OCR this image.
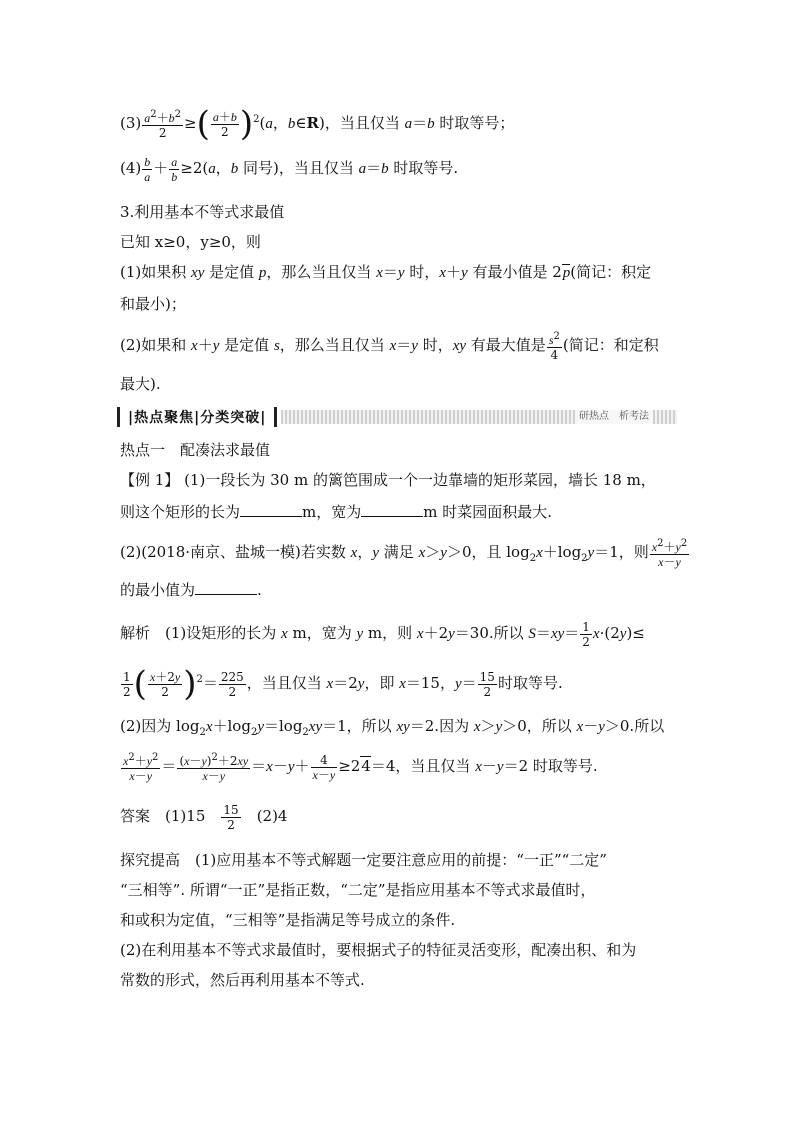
$(3) \frac{a^2+b^2}{2}$ ≥( $\frac{a+b}{2} )^2(a$，b∈R)，当且仅当 a＝b 时取等号；
$(4) \frac{b}{a} + \frac{a}{b} \ge 2(a$，b 同号)，当且仅当 a＝b 时取等号.
3.利用基本不等式求最值
已知 x≥0，y≥0，则
(1)如果积 xy 是定值 p，那么当且仅当 x＝y 时，x＋y 有最小值是 2p(简记：积定
和最小)；
(2)如果和 x＋y 是定值 s，那么当且仅当 x＝y 时，xy 有最大值是 $\frac{s^2}{4}$ (简记：和定积
最大).
|热点聚焦|分类突破|	研热点　析考法
热点一　配凑法求最值
【例 1】 (1)一段长为 30 m 的篱笆围成一个一边靠墙的矩形菜园，墙长 18 m，
则这个矩形的长为	m，宽为	m 时菜园面积最大.
(2)(2018·南京、盐城一模)若实数 x，y 满足 x＞y＞0，且 $\log_2x+\log_2y=1$，则 $\frac{x^2+y^2}{x-y}$
的最小值为	.
解析　(1)设矩形的长为 x m，宽为 y m，则 x＋2y＝30.所以 $S=xy= \frac{1}{2} x\cdot(2y)\le$
$\frac{1}{2}$ ( $\frac{x+2y}{2} )^2= \frac{225}{2}$ ，当且仅当 x＝2y，即 x＝15，$y= \frac{15}{2}$ 时取等号.
(2)因为 $\log_2x+\log_2y=\log_2xy=1$，所以 xy＝2.因为 x＞y＞0，所以 x－y＞0.所以
$\frac{x^2+y^2}{x-y} = \frac{(x-y)^2+2xy}{x-y} =x-y+ \frac{4}{x-y} \ge 24=4$，当且仅当 x－y＝2 时取等号.
答案　 (1)15　 $\frac{15}{2}$
　 (2)4
探究提高　 (1)应用基本不等式解题一定要注意应用的前提：“一正”“二定”
“三相等”. 所谓“一正”是指正数，“二定”是指应用基本不等式求最值时，
和或积为定值，“三相等”是指满足等号成立的条件.
(2)在利用基本不等式求最值时，要根据式子的特征灵活变形，配凑出积、和为
常数的形式，然后再利用基本不等式.
